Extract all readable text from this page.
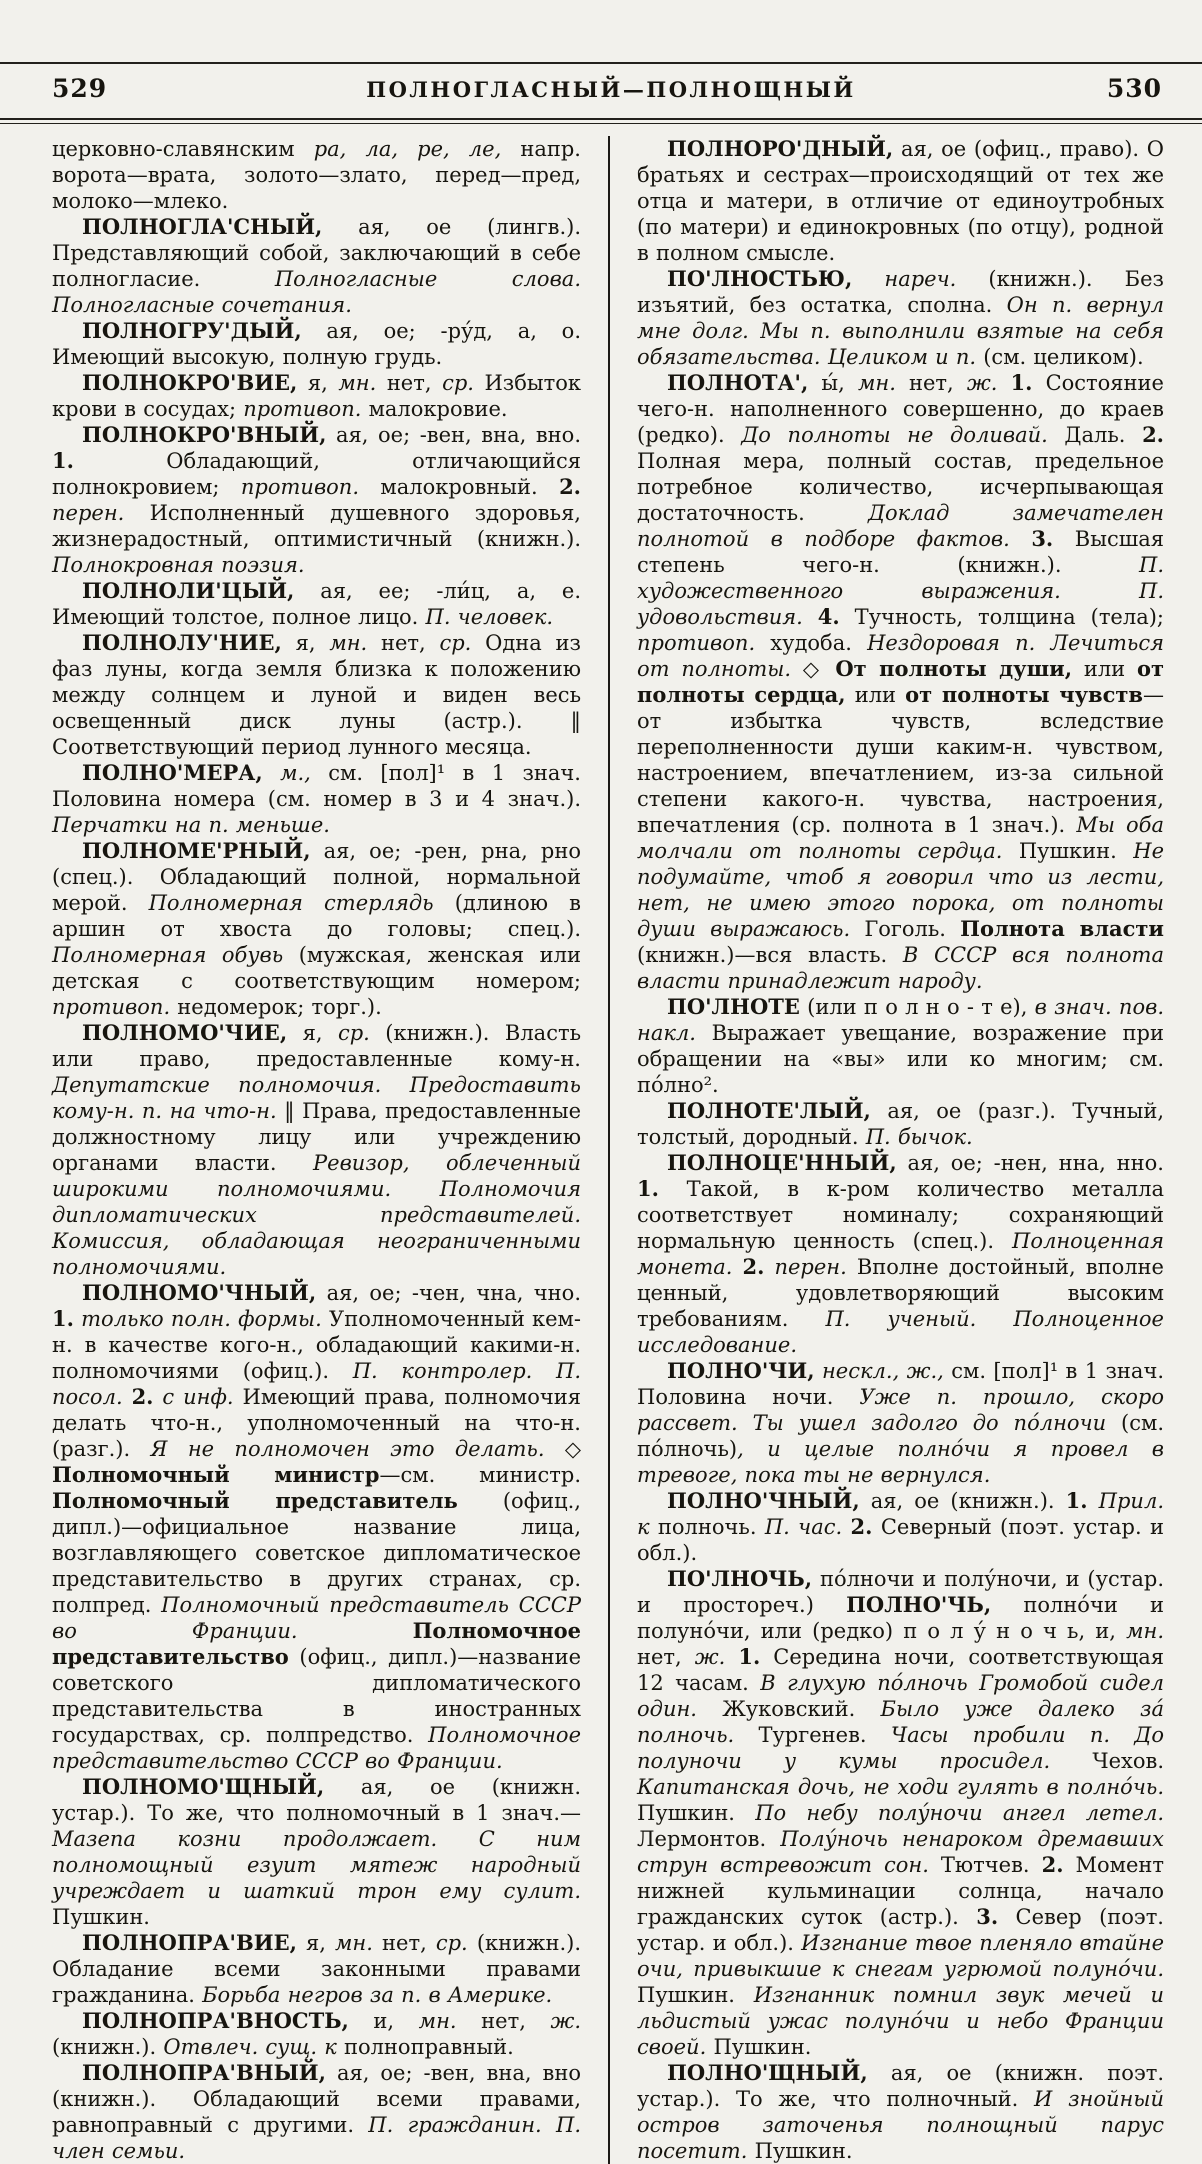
529	ПОЛНОГЛАСНЫЙ—ПОЛНОЩНЫЙ	530

церковно-славянским ра, ла, ре, ле, напр. ворота—врата, золото—злато, перед—пред, молоко—млеко.

ПОЛНОГЛА'СНЫЙ, ая, ое (лингв.). Представляющий собой, заключающий в себе полногласие. Полногласные слова. Полногласные сочетания.

ПОЛНОГРУ'ДЫЙ, ая, ое; -ру́д, а, о. Имеющий высокую, полную грудь.

ПОЛНОКРО'ВИЕ, я, мн. нет, ср. Избыток крови в сосудах; противоп. малокровие.

ПОЛНОКРО'ВНЫЙ, ая, ое; -вен, вна, вно. 1. Обладающий, отличающийся полнокровием; противоп. малокровный. 2. перен. Исполненный душевного здоровья, жизнерадостный, оптимистичный (книжн.). Полнокровная поэзия.

ПОЛНОЛИ'ЦЫЙ, ая, ее; -ли́ц, а, е. Имеющий толстое, полное лицо. П. человек.

ПОЛНОЛУ'НИЕ, я, мн. нет, ср. Одна из фаз луны, когда земля близка к положению между солнцем и луной и виден весь освещенный диск луны (астр.). ‖ Соответствующий период лунного месяца.

ПОЛНО'МЕРА, м., см. [пол]¹ в 1 знач. Половина номера (см. номер в 3 и 4 знач.). Перчатки на п. меньше.

ПОЛНОМЕ'РНЫЙ, ая, ое; -рен, рна, рно (спец.). Обладающий полной, нормальной мерой. Полномерная стерлядь (длиною в аршин от хвоста до головы; спец.). Полномерная обувь (мужская, женская или детская с соответствующим номером; противоп. недомерок; торг.).

ПОЛНОМО'ЧИЕ, я, ср. (книжн.). Власть или право, предоставленные кому-н. Депутатские полномочия. Предоставить кому-н. п. на что-н. ‖ Права, предоставленные должностному лицу или учреждению органами власти. Ревизор, облеченный широкими полномочиями. Полномочия дипломатических представителей. Комиссия, обладающая неограниченными полномочиями.

ПОЛНОМО'ЧНЫЙ, ая, ое; -чен, чна, чно. 1. только полн. формы. Уполномоченный кем-н. в качестве кого-н., обладающий какими-н. полномочиями (офиц.). П. контролер. П. посол. 2. с инф. Имеющий права, полномочия делать что-н., уполномоченный на что-н. (разг.). Я не полномочен это делать. ◇ Полномочный министр—см. министр. Полномочный представитель (офиц., дипл.)—официальное название лица, возглавляющего советское дипломатическое представительство в других странах, ср. полпред. Полномочный представитель СССР во Франции.	Полномочное представительство (офиц., дипл.)—название советского дипломатического представительства в иностранных государствах, ср. полпредство. Полномочное представительство СССР во Франции.

ПОЛНОМО'ЩНЫЙ, ая, ое (книжн. устар.). То же, что полномочный в 1 знач.—Мазепа козни продолжает. С ним полномощный езуит мятеж народный учреждает и шаткий трон ему сулит. Пушкин.

ПОЛНОПРА'ВИЕ, я, мн. нет, ср. (книжн.). Обладание всеми законными правами гражданина. Борьба негров за п. в Америке.

ПОЛНОПРА'ВНОСТЬ, и, мн. нет, ж. (книжн.). Отвлеч. сущ. к полноправный.

ПОЛНОПРА'ВНЫЙ, ая, ое; -вен, вна, вно (книжн.). Обладающий всеми правами, равноправный с другими. П. гражданин. П. член семьи.

ПОЛНОРО'ДНЫЙ, ая, ое (офиц., право). О братьях и сестрах—происходящий от тех же отца и матери, в отличие от единоутробных (по матери) и единокровных (по отцу), родной в полном смысле.

ПО'ЛНОСТЬЮ, нареч. (книжн.). Без изъятий, без остатка, сполна. Он п. вернул мне долг. Мы п. выполнили взятые на себя обязательства. Целиком и п. (см. целиком).

ПОЛНОТА', ы́, мн. нет, ж. 1. Состояние чего-н. наполненного совершенно, до краев (редко). До полноты не доливай. Даль. 2. Полная мера, полный состав, предельное потребное количество, исчерпывающая достаточность. Доклад замечателен полнотой в подборе фактов. 3. Высшая степень чего-н. (книжн.). П. художественного выражения. П. удовольствия. 4. Тучность, толщина (тела); противоп. худоба. Нездоровая п. Лечиться от полноты. ◇ От полноты души, или от полноты сердца, или от полноты чувств—от избытка чувств, вследствие переполненности души каким-н. чувством, настроением, впечатлением, из-за сильной степени какого-н. чувства, настроения, впечатления (ср. полнота в 1 знач.). Мы оба молчали от полноты сердца. Пушкин. Не подумайте, чтоб я говорил что из лести, нет, не имею этого порока, от полноты души выражаюсь. Гоголь. Полнота власти (книжн.)—вся власть. В СССР вся полнота власти принадлежит народу.

ПО'ЛНОТЕ (или п о л н о - т е), в знач. пов. накл. Выражает увещание, возражение при обращении на «вы» или ко многим; см. по́лно².

ПОЛНОТЕ'ЛЫЙ, ая, ое (разг.). Тучный, толстый, дородный. П. бычок.

ПОЛНОЦЕ'ННЫЙ, ая, ое; -нен, нна, нно. 1. Такой, в к-ром количество металла соответствует номиналу; сохраняющий нормальную ценность (спец.). Полноценная монета. 2. перен. Вполне достойный, вполне ценный, удовлетворяющий высоким требованиям. П. ученый. Полноценное исследование.

ПОЛНО'ЧИ, нескл., ж., см. [пол]¹ в 1 знач. Половина ночи. Уже п. прошло, скоро рассвет. Ты ушел задолго до по́лночи (см. по́лночь), и целые полно́чи я провел в тревоге, пока ты не вернулся.

ПОЛНО'ЧНЫЙ, ая, ое (книжн.). 1. Прил. к полночь. П. час. 2. Северный (поэт. устар. и обл.).

ПО'ЛНОЧЬ, по́лночи и полу́ночи, и (устар. и простореч.) ПОЛНО'ЧЬ, полно́чи и полуно́чи, или (редко) п о л у́ н о ч ь, и, мн. нет, ж. 1. Середина ночи, соответствующая 12 часам. В глухую по́лночь Громобой сидел один. Жуковский. Было уже далеко за́ полночь. Тургенев. Часы пробили п. До полуночи у кумы просидел. Чехов. Капитанская дочь, не ходи гулять в полно́чь. Пушкин. По небу полу́ночи ангел летел. Лермонтов. Полу́ночь ненароком дремавших струн встревожит сон. Тютчев. 2. Момент нижней кульминации солнца, начало гражданских суток (астр.). 3. Север (поэт. устар. и обл.). Изгнание твое пленяло втайне очи, привыкшие к снегам угрюмой полуно́чи. Пушкин. Изгнанник помнил звук мечей и льдистый ужас полуно́чи и небо Франции своей. Пушкин.

ПОЛНО'ЩНЫЙ, ая, ое (книжн. поэт. устар.). То же, что полночный. И знойный остров заточенья полнощный парус посетит. Пушкин.
